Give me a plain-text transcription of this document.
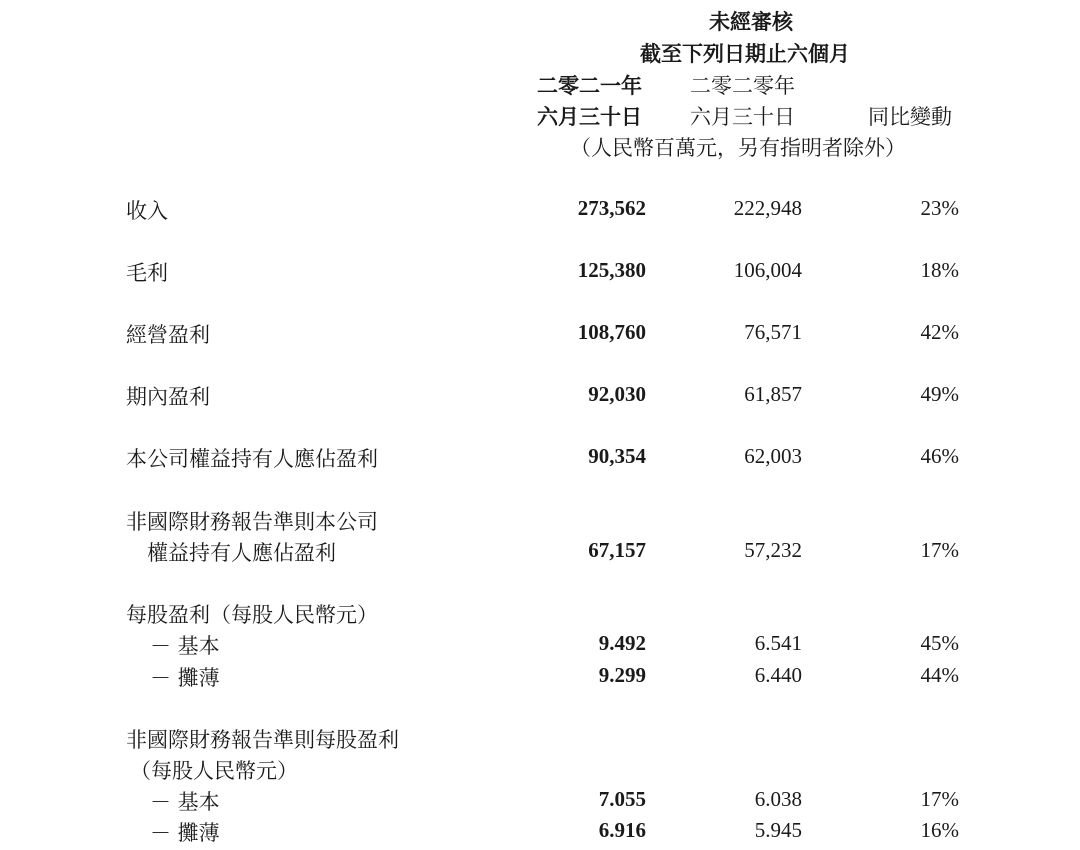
未經審核
截至下列日期止六個月
二零二一年 二零二零年
六月三十日 六月三十日	同比變動
（人民幣百萬元，另有指明者除外）
收入	273,562	222,948	23%
毛利	125,380	106,004	18%
經營盈利	108,760	76,571	42%
期內盈利	92,030	61,857	49%
本公司權益持有人應佔盈利	90,354	62,003	46%
非國際財務報告準則本公司
權益持有人應佔盈利	67,157	57,232	17%
每股盈利（每股人民幣元）
－ 基本	9.492	6.541	45%
－ 攤薄	9.299	6.440	44%
非國際財務報告準則每股盈利
（每股人民幣元）
－ 基本	7.055	6.038	17%
－ 攤薄	6.916	5.945	16%
